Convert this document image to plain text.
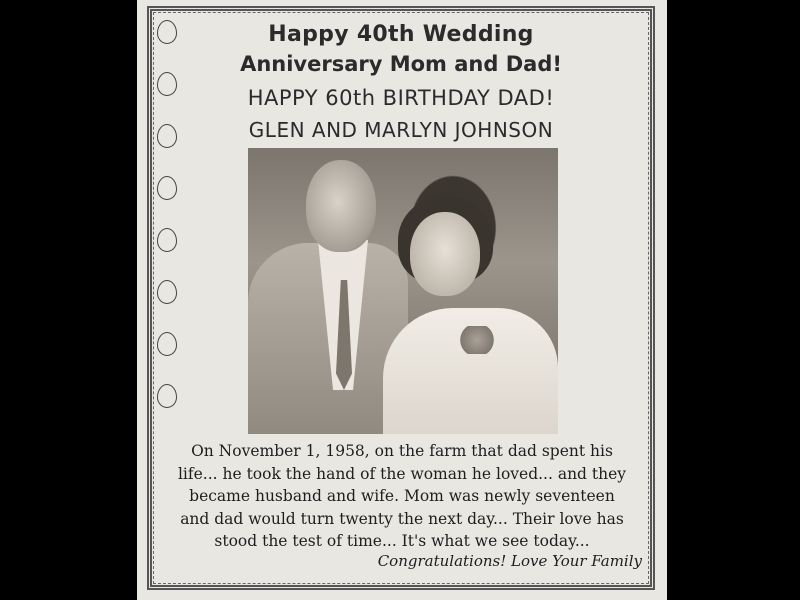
Happy 40th Wedding
Anniversary Mom and Dad!
HAPPY 60th BIRTHDAY DAD!
GLEN AND MARLYN JOHNSON
On November 1, 1958, on the farm that dad spent his
life... he took the hand of the woman he loved... and they
became husband and wife. Mom was newly seventeen
and dad would turn twenty the next day... Their love has
stood the test of time... It's what we see today...
Congratulations! Love Your Family
